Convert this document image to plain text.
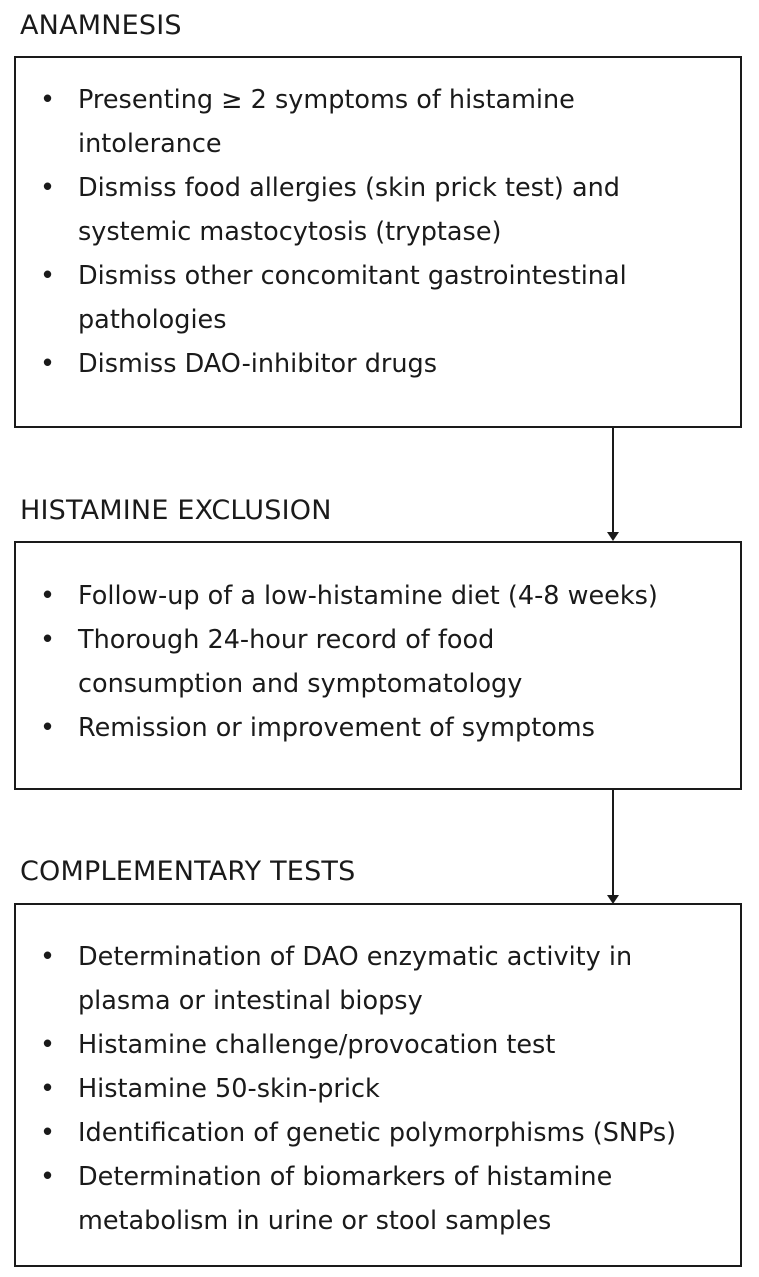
ANAMNESIS
• Presenting ≥ 2 symptoms of histamine
intolerance
• Dismiss food allergies (skin prick test) and
systemic mastocytosis (tryptase)
• Dismiss other concomitant gastrointestinal
pathologies
• Dismiss DAO-inhibitor drugs
HISTAMINE EXCLUSION
• Follow-up of a low-histamine diet (4-8 weeks)
• Thorough 24-hour record of food
consumption and symptomatology
• Remission or improvement of symptoms
COMPLEMENTARY TESTS
• Determination of DAO enzymatic activity in
plasma or intestinal biopsy
• Histamine challenge/provocation test
• Histamine 50-skin-prick
• Identification of genetic polymorphisms (SNPs)
• Determination of biomarkers of histamine
metabolism in urine or stool samples
